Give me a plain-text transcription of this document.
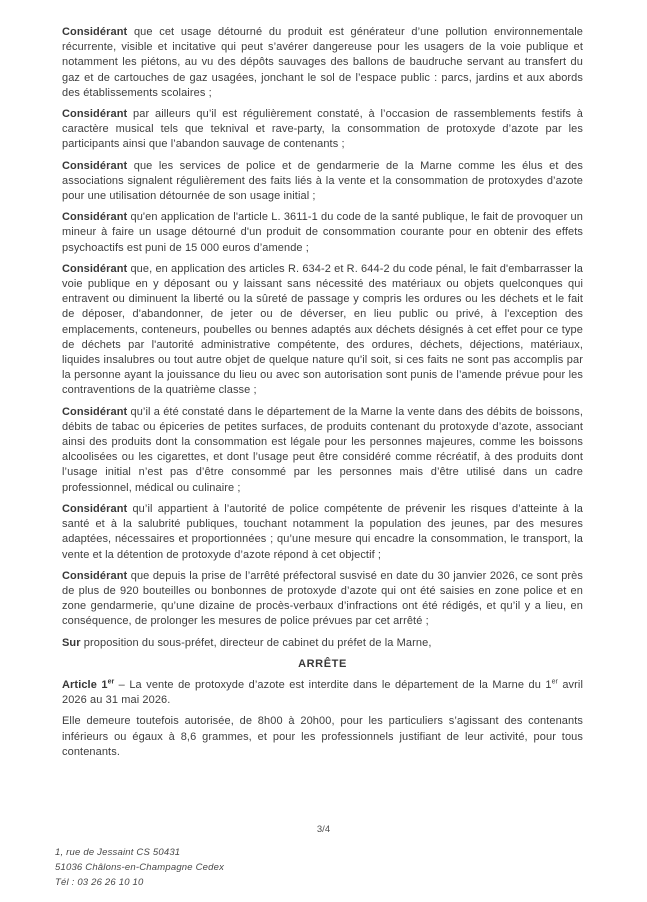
Considérant que cet usage détourné du produit est générateur d’une pollution environnementale récurrente, visible et incitative qui peut s’avérer dangereuse pour les usagers de la voie publique et notamment les piétons, au vu des dépôts sauvages des ballons de baudruche servant au transfert du gaz et de cartouches de gaz usagées, jonchant le sol de l’espace public : parcs, jardins et aux abords des établissements scolaires ;

Considérant par ailleurs qu’il est régulièrement constaté, à l’occasion de rassemblements festifs à caractère musical tels que teknival et rave-party, la consommation de protoxyde d’azote par les participants ainsi que l’abandon sauvage de contenants ;

Considérant que les services de police et de gendarmerie de la Marne comme les élus et des associations signalent régulièrement des faits liés à la vente et la consommation de protoxydes d’azote pour une utilisation détournée de son usage initial ;

Considérant qu'en application de l'article L. 3611-1 du code de la santé publique, le fait de provoquer un mineur à faire un usage détourné d'un produit de consommation courante pour en obtenir des effets psychoactifs est puni de 15 000 euros d’amende ;

Considérant que, en application des articles R. 634-2 et R. 644-2 du code pénal, le fait d'embarrasser la voie publique en y déposant ou y laissant sans nécessité des matériaux ou objets quelconques qui entravent ou diminuent la liberté ou la sûreté de passage y compris les ordures ou les déchets et le fait de déposer, d'abandonner, de jeter ou de déverser, en lieu public ou privé, à l'exception des emplacements, conteneurs, poubelles ou bennes adaptés aux déchets désignés à cet effet pour ce type de déchets par l'autorité administrative compétente, des ordures, déchets, déjections, matériaux, liquides insalubres ou tout autre objet de quelque nature qu'il soit, si ces faits ne sont pas accomplis par la personne ayant la jouissance du lieu ou avec son autorisation sont punis de l’amende prévue pour les contraventions de la quatrième classe ;

Considérant qu’il a été constaté dans le département de la Marne la vente dans des débits de boissons, débits de tabac ou épiceries de petites surfaces, de produits contenant du protoxyde d’azote, associant ainsi des produits dont la consommation est légale pour les personnes majeures, comme les boissons alcoolisées ou les cigarettes, et dont l’usage peut être considéré comme récréatif, à des produits dont l’usage initial n’est pas d’être consommé par les personnes mais d’être utilisé dans un cadre professionnel, médical ou culinaire ;

Considérant qu’il appartient à l’autorité de police compétente de prévenir les risques d’atteinte à la santé et à la salubrité publiques, touchant notamment la population des jeunes, par des mesures adaptées, nécessaires et proportionnées ; qu’une mesure qui encadre la consommation, le transport, la vente et la détention de protoxyde d’azote répond à cet objectif ;

Considérant que depuis la prise de l’arrêté préfectoral susvisé en date du 30 janvier 2026, ce sont près de plus de 920 bouteilles ou bonbonnes de protoxyde d’azote qui ont été saisies en zone police et en zone gendarmerie, qu’une dizaine de procès-verbaux d’infractions ont été rédigés, et qu’il y a lieu, en conséquence, de prolonger les mesures de police prévues par cet arrêté ;

Sur proposition du sous-préfet, directeur de cabinet du préfet de la Marne,

ARRÊTE

Article 1er – La vente de protoxyde d’azote est interdite dans le département de la Marne du 1er avril 2026 au 31 mai 2026.

Elle demeure toutefois autorisée, de 8h00 à 20h00, pour les particuliers s’agissant des contenants inférieurs ou égaux à 8,6 grammes, et pour les professionnels justifiant de leur activité, pour tous contenants.

3/4
1, rue de Jessaint CS 50431
51036 Châlons-en-Champagne Cedex
Tél : 03 26 26 10 10
